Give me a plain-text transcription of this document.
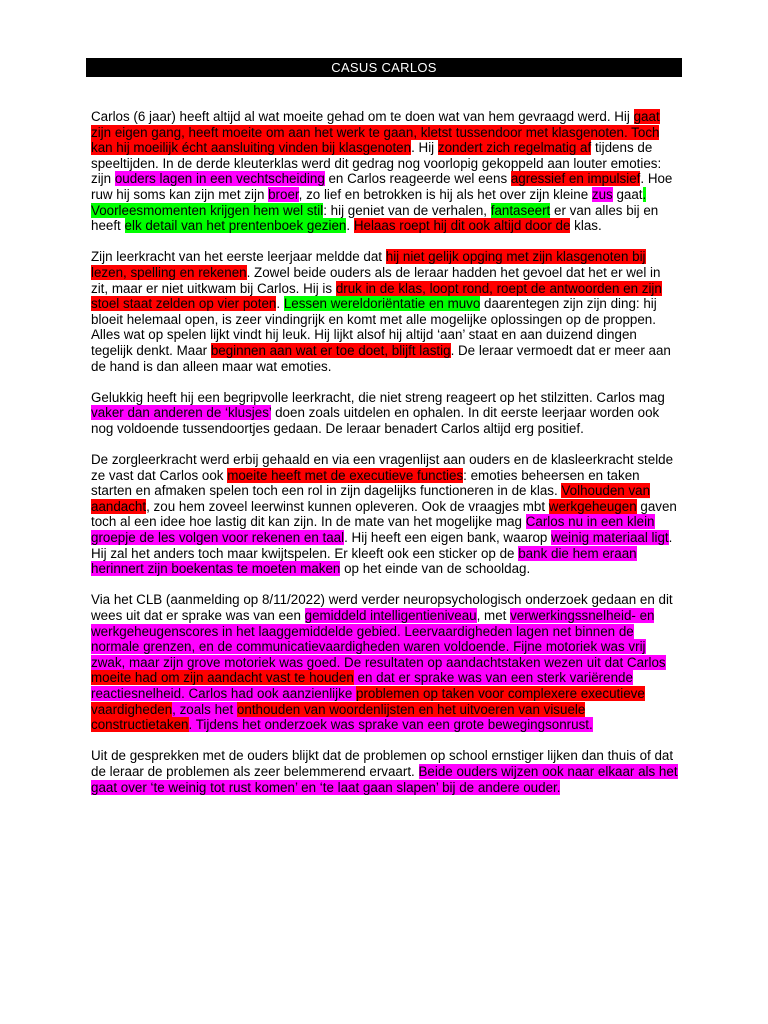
CASUS CARLOS

Carlos (6 jaar) heeft altijd al wat moeite gehad om te doen wat van hem gevraagd werd. Hij gaat zijn eigen gang, heeft moeite om aan het werk te gaan, kletst tussendoor met klasgenoten. Toch kan hij moeilijk écht aansluiting vinden bij klasgenoten. Hij zondert zich regelmatig af tijdens de speeltijden. In de derde kleuterklas werd dit gedrag nog voorlopig gekoppeld aan louter emoties: zijn ouders lagen in een vechtscheiding en Carlos reageerde wel eens agressief en impulsief. Hoe ruw hij soms kan zijn met zijn broer, zo lief en betrokken is hij als het over zijn kleine zus gaat. Voorleesmomenten krijgen hem wel stil: hij geniet van de verhalen, fantaseert er van alles bij en heeft elk detail van het prentenboek gezien. Helaas roept hij dit ook altijd door de klas.

Zijn leerkracht van het eerste leerjaar meldde dat hij niet gelijk opging met zijn klasgenoten bij lezen, spelling en rekenen. Zowel beide ouders als de leraar hadden het gevoel dat het er wel in zit, maar er niet uitkwam bij Carlos. Hij is druk in de klas, loopt rond, roept de antwoorden en zijn stoel staat zelden op vier poten. Lessen wereldoriëntatie en muvo daarentegen zijn zijn ding: hij bloeit helemaal open, is zeer vindingrijk en komt met alle mogelijke oplossingen op de proppen. Alles wat op spelen lijkt vindt hij leuk. Hij lijkt alsof hij altijd ‘aan’ staat en aan duizend dingen tegelijk denkt. Maar beginnen aan wat er toe doet, blijft lastig. De leraar vermoedt dat er meer aan de hand is dan alleen maar wat emoties.

Gelukkig heeft hij een begripvolle leerkracht, die niet streng reageert op het stilzitten. Carlos mag vaker dan anderen de ‘klusjes’ doen zoals uitdelen en ophalen. In dit eerste leerjaar worden ook nog voldoende tussendoortjes gedaan. De leraar benadert Carlos altijd erg positief.

De zorgleerkracht werd erbij gehaald en via een vragenlijst aan ouders en de klasleerkracht stelde ze vast dat Carlos ook moeite heeft met de executieve functies: emoties beheersen en taken starten en afmaken spelen toch een rol in zijn dagelijks functioneren in de klas. Volhouden van aandacht, zou hem zoveel leerwinst kunnen opleveren. Ook de vraagjes mbt werkgeheugen gaven toch al een idee hoe lastig dit kan zijn. In de mate van het mogelijke mag Carlos nu in een klein groepje de les volgen voor rekenen en taal. Hij heeft een eigen bank, waarop weinig materiaal ligt. Hij zal het anders toch maar kwijtspelen. Er kleeft ook een sticker op de bank die hem eraan herinnert zijn boekentas te moeten maken op het einde van de schooldag.

Via het CLB (aanmelding op 8/11/2022) werd verder neuropsychologisch onderzoek gedaan en dit wees uit dat er sprake was van een gemiddeld intelligentieniveau, met verwerkingssnelheid- en werkgeheugenscores in het laaggemiddelde gebied. Leervaardigheden lagen net binnen de normale grenzen, en de communicatievaardigheden waren voldoende. Fijne motoriek was vrij zwak, maar zijn grove motoriek was goed. De resultaten op aandachtstaken wezen uit dat Carlos moeite had om zijn aandacht vast te houden en dat er sprake was van een sterk variërende reactiesnelheid. Carlos had ook aanzienlijke problemen op taken voor complexere executieve vaardigheden, zoals het onthouden van woordenlijsten en het uitvoeren van visuele constructietaken. Tijdens het onderzoek was sprake van een grote bewegingsonrust.

Uit de gesprekken met de ouders blijkt dat de problemen op school ernstiger lijken dan thuis of dat de leraar de problemen als zeer belemmerend ervaart. Beide ouders wijzen ook naar elkaar als het gaat over ‘te weinig tot rust komen’ en ‘te laat gaan slapen’ bij de andere ouder.
